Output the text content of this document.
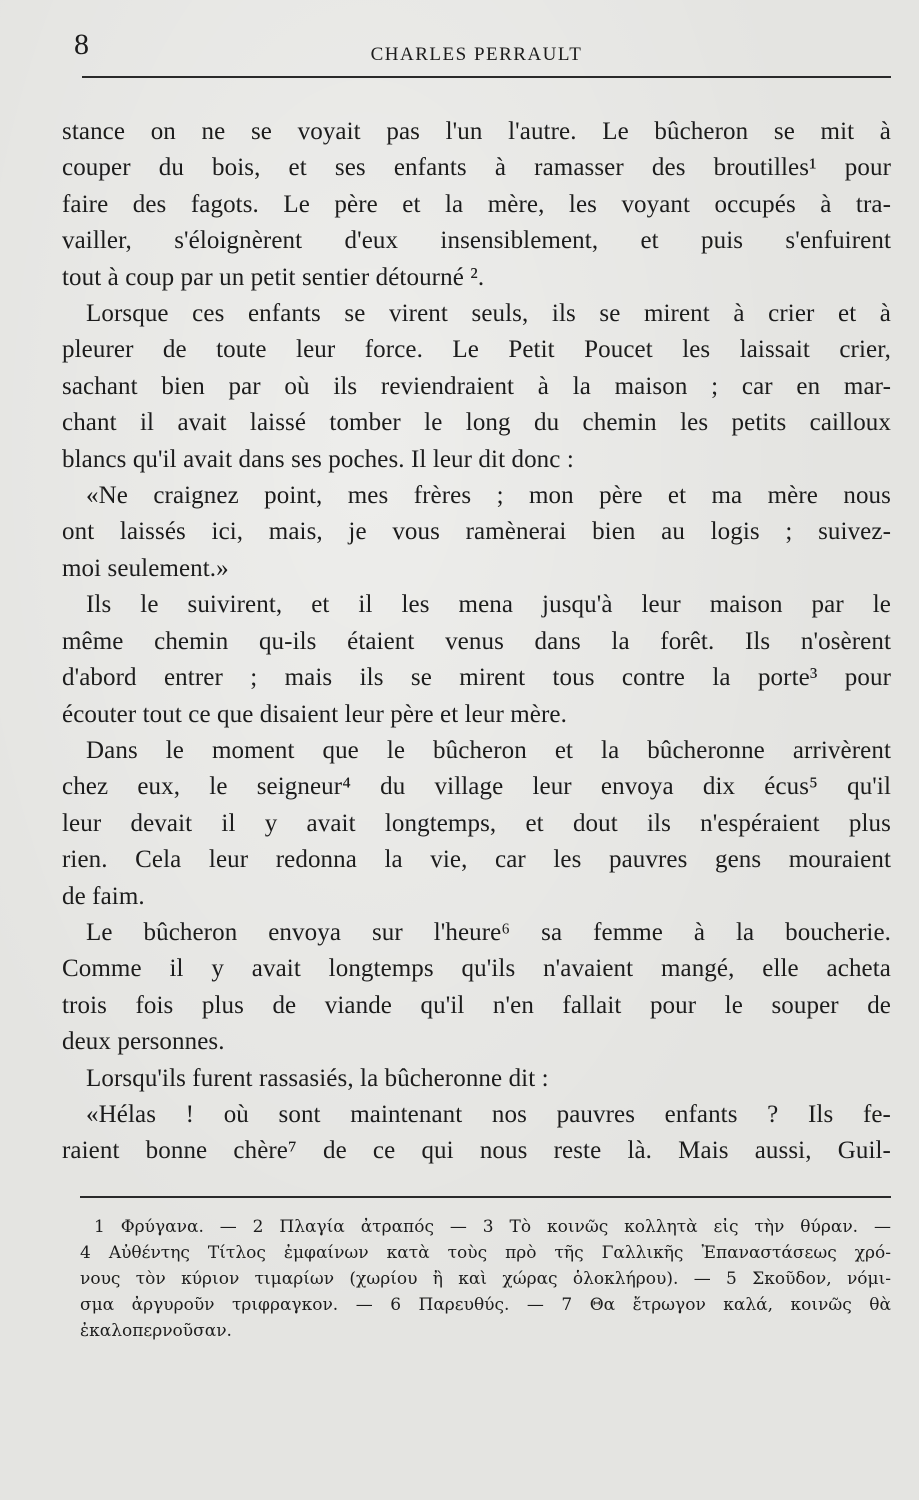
8	CHARLES PERRAULT

stance on ne se voyait pas l'un l'autre. Le bûcheron se mit à
couper du bois, et ses enfants à ramasser des broutilles¹ pour
faire des fagots. Le père et la mère, les voyant occupés à tra-
vailler, s'éloignèrent d'eux insensiblement, et puis s'enfuirent
tout à coup par un petit sentier détourné ².

Lorsque ces enfants se virent seuls, ils se mirent à crier et à
pleurer de toute leur force. Le Petit Poucet les laissait crier,
sachant bien par où ils reviendraient à la maison ; car en mar-
chant il avait laissé tomber le long du chemin les petits cailloux
blancs qu'il avait dans ses poches. Il leur dit donc :

«Ne craignez point, mes frères ; mon père et ma mère nous
ont laissés ici, mais, je vous ramènerai bien au logis ; suivez-
moi seulement.»

Ils le suivirent, et il les mena jusqu'à leur maison par le
même chemin qu-ils étaient venus dans la forêt. Ils n'osèrent
d'abord entrer ; mais ils se mirent tous contre la porte³ pour
écouter tout ce que disaient leur père et leur mère.

Dans le moment que le bûcheron et la bûcheronne arrivèrent
chez eux, le seigneur⁴ du village leur envoya dix écus⁵ qu'il
leur devait il y avait longtemps, et dout ils n'espéraient plus
rien. Cela leur redonna la vie, car les pauvres gens mouraient
de faim.

Le bûcheron envoya sur l'heure⁶ sa femme à la boucherie.
Comme il y avait longtemps qu'ils n'avaient mangé, elle acheta
trois fois plus de viande qu'il n'en fallait pour le souper de
deux personnes.

Lorsqu'ils furent rassasiés, la bûcheronne dit :

«Hélas ! où sont maintenant nos pauvres enfants ? Ils fe-
raient bonne chère⁷ de ce qui nous reste là. Mais aussi, Guil-

1 Φρύγανα. — 2 Πλαγία ἀτραπός — 3 Τὸ κοινῶς κολλητὰ εἰς τὴν θύραν. —
4 Αὐθέντης Τίτλος ἐμφαίνων κατὰ τοὺς πρὸ τῆς Γαλλικῆς Ἐπαναστάσεως χρό-
νους τὸν κύριον τιμαρίων (χωρίου ἢ καὶ χώρας ὁλοκλήρου). — 5 Σκοῦδον, νόμι-
σμα ἀργυροῦν τριφραγκον. — 6 Παρευθύς. — 7 Θα ἔτρωγον καλά, κοινῶς θὰ
ἐκαλοπερνοῦσαν.
